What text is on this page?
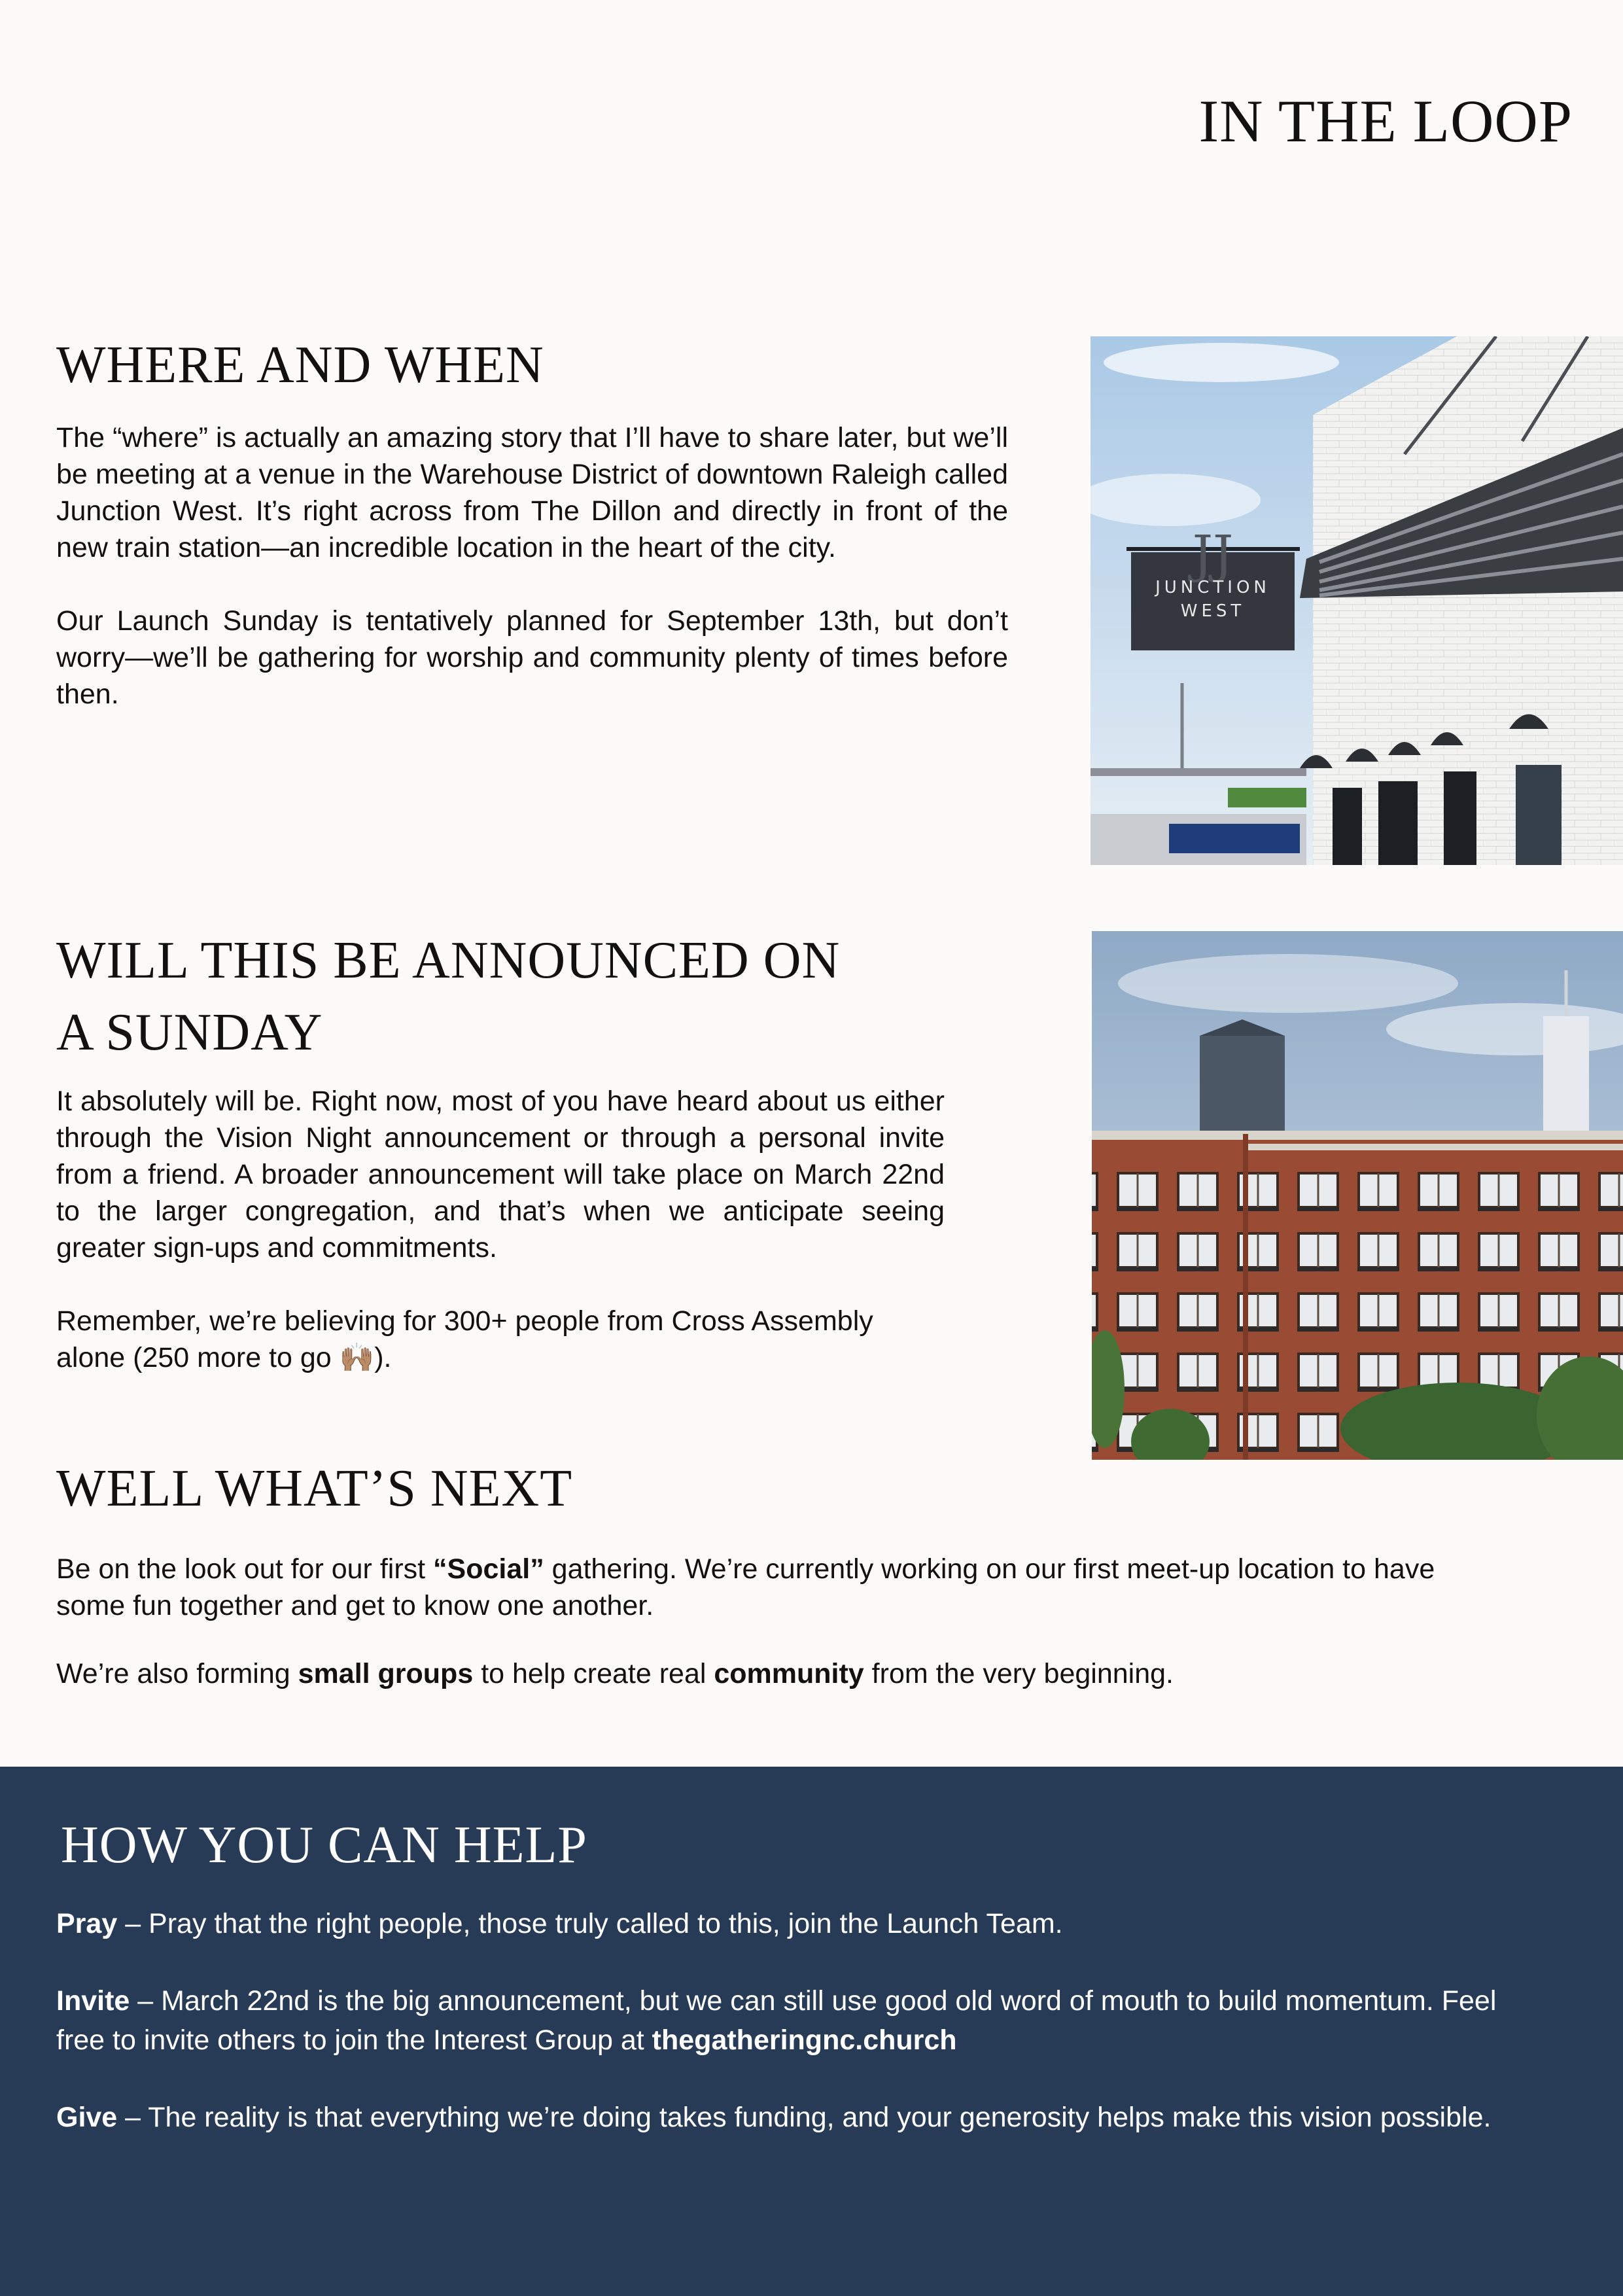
IN THE LOOP
WHERE AND WHEN

The “where” is actually an amazing story that I’ll have to share later, but we’ll be meeting at a venue in the Warehouse District of downtown Raleigh called Junction West. It’s right across from The Dillon and directly in front of the new train station—an incredible location in the heart of the city.

Our Launch Sunday is tentatively planned for September 13th, but don’t worry—we’ll be gathering for worship and community plenty of times before then.

JJ
JUNCTION
WEST
WILL THIS BE ANNOUNCED ON
A SUNDAY

It absolutely will be. Right now, most of you have heard about us either through the Vision Night announcement or through a personal invite from a friend. A broader announcement will take place on March 22nd to the larger congregation, and that’s when we anticipate seeing greater sign-ups and commitments.

Remember, we’re believing for 300+ people from Cross Assembly alone (250 more to go 🙌🏽).

WELL WHAT’S NEXT

Be on the look out for our first “Social” gathering. We’re currently working on our first meet-up location to have some fun together and get to know one another.

We’re also forming small groups to help create real community from the very beginning.

HOW YOU CAN HELP

Pray – Pray that the right people, those truly called to this, join the Launch Team.

Invite – March 22nd is the big announcement, but we can still use good old word of mouth to build momentum. Feel free to invite others to join the Interest Group at thegatheringnc.church

Give – The reality is that everything we’re doing takes funding, and your generosity helps make this vision possible.
